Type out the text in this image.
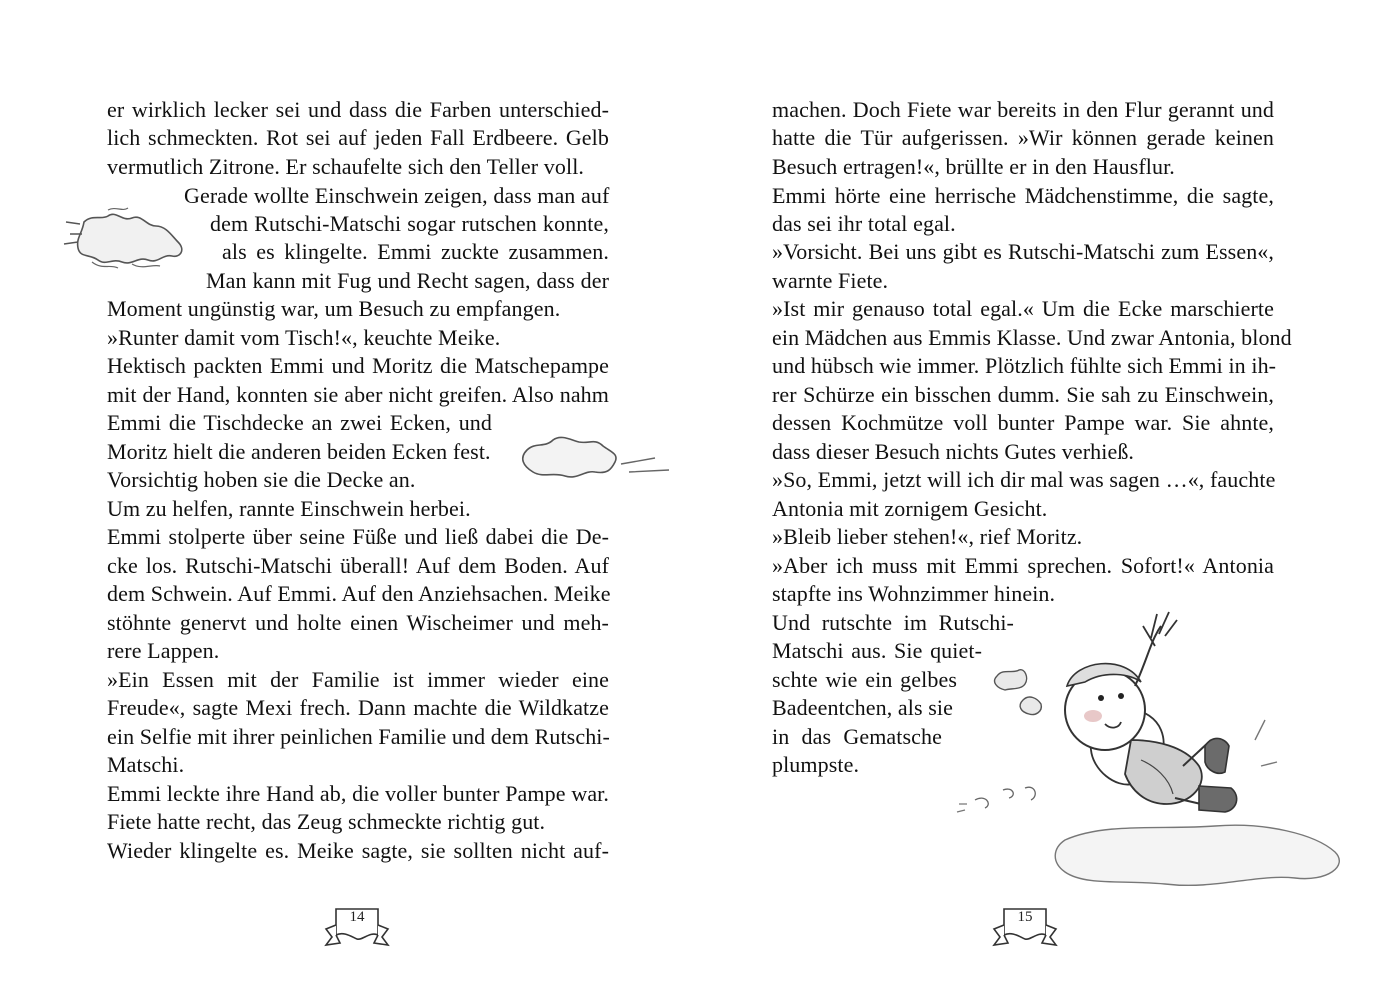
er wirklich lecker sei und dass die Farben unterschied-
lich schmeckten. Rot sei auf jeden Fall Erdbeere. Gelb
vermutlich Zitrone. Er schaufelte sich den Teller voll.
Gerade wollte Einschwein zeigen, dass man auf
dem Rutschi-Matschi sogar rutschen konnte,
als es klingelte. Emmi zuckte zusammen.
Man kann mit Fug und Recht sagen, dass der
Moment ungünstig war, um Besuch zu empfangen.
»Runter damit vom Tisch!«, keuchte Meike.
Hektisch packten Emmi und Moritz die Matschepampe
mit der Hand, konnten sie aber nicht greifen. Also nahm
Emmi die Tischdecke an zwei Ecken, und
Moritz hielt die anderen beiden Ecken fest.
Vorsichtig hoben sie die Decke an.
Um zu helfen, rannte Einschwein herbei.
Emmi stolperte über seine Füße und ließ dabei die De-
cke los. Rutschi-Matschi überall! Auf dem Boden. Auf
dem Schwein. Auf Emmi. Auf den Anziehsachen. Meike
stöhnte genervt und holte einen Wischeimer und meh-
rere Lappen.
»Ein Essen mit der Familie ist immer wieder eine
Freude«, sagte Mexi frech. Dann machte die Wildkatze
ein Selfie mit ihrer peinlichen Familie und dem Rutschi-
Matschi.
Emmi leckte ihre Hand ab, die voller bunter Pampe war.
Fiete hatte recht, das Zeug schmeckte richtig gut.
Wieder klingelte es. Meike sagte, sie sollten nicht auf-
14
machen. Doch Fiete war bereits in den Flur gerannt und
hatte die Tür aufgerissen. »Wir können gerade keinen
Besuch ertragen!«, brüllte er in den Hausflur.
Emmi hörte eine herrische Mädchenstimme, die sagte,
das sei ihr total egal.
»Vorsicht. Bei uns gibt es Rutschi-Matschi zum Essen«,
warnte Fiete.
»Ist mir genauso total egal.« Um die Ecke marschierte
ein Mädchen aus Emmis Klasse. Und zwar Antonia, blond
und hübsch wie immer. Plötzlich fühlte sich Emmi in ih-
rer Schürze ein bisschen dumm. Sie sah zu Einschwein,
dessen Kochmütze voll bunter Pampe war. Sie ahnte,
dass dieser Besuch nichts Gutes verhieß.
»So, Emmi, jetzt will ich dir mal was sagen …«, fauchte
Antonia mit zornigem Gesicht.
»Bleib lieber stehen!«, rief Moritz.
»Aber ich muss mit Emmi sprechen. Sofort!« Antonia
stapfte ins Wohnzimmer hinein.
Und rutschte im Rutschi-
Matschi aus. Sie quiet-
schte wie ein gelbes
Badeentchen, als sie
in das Gematsche
plumpste.
15
